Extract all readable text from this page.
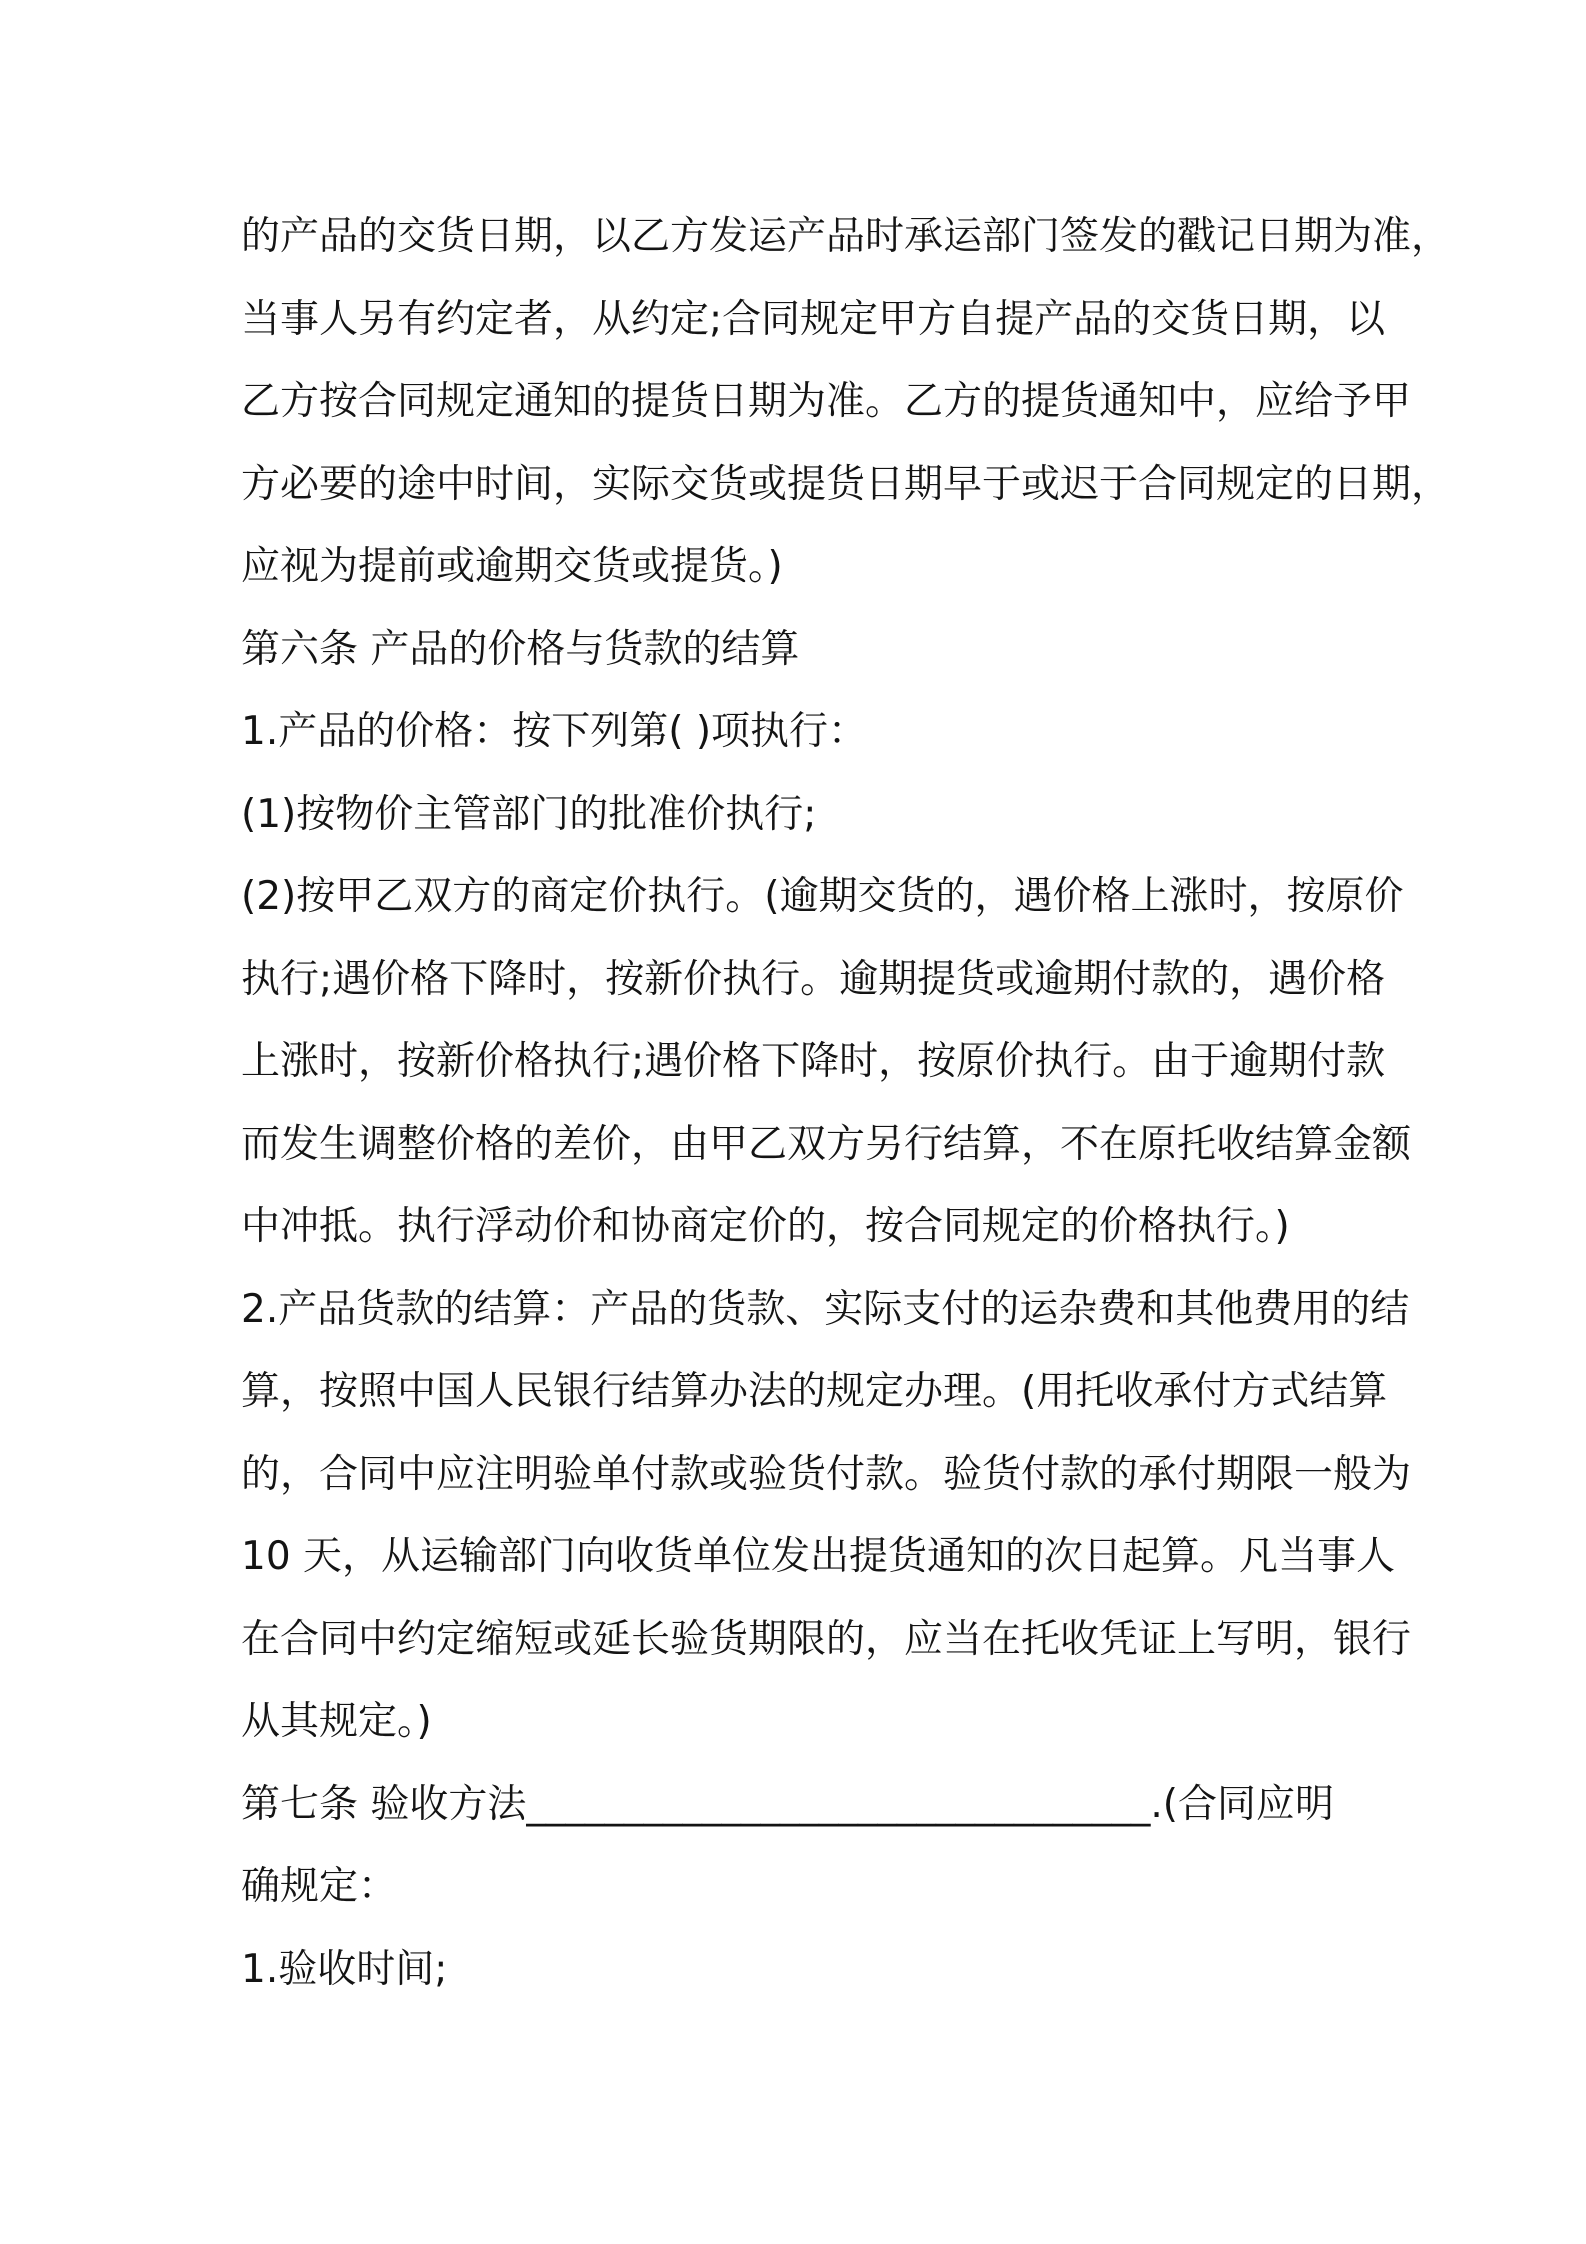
的产品的交货日期，以乙方发运产品时承运部门签发的戳记日期为准，
当事人另有约定者，从约定;合同规定甲方自提产品的交货日期，以
乙方按合同规定通知的提货日期为准。乙方的提货通知中，应给予甲
方必要的途中时间，实际交货或提货日期早于或迟于合同规定的日期，
应视为提前或逾期交货或提货。)
第六条 产品的价格与货款的结算
1.产品的价格：按下列第( )项执行：
(1)按物价主管部门的批准价执行;
(2)按甲乙双方的商定价执行。(逾期交货的，遇价格上涨时，按原价
执行;遇价格下降时，按新价执行。逾期提货或逾期付款的，遇价格
上涨时，按新价格执行;遇价格下降时，按原价执行。由于逾期付款
而发生调整价格的差价，由甲乙双方另行结算，不在原托收结算金额
中冲抵。执行浮动价和协商定价的，按合同规定的价格执行。)
2.产品货款的结算：产品的货款、实际支付的运杂费和其他费用的结
算，按照中国人民银行结算办法的规定办理。(用托收承付方式结算
的，合同中应注明验单付款或验货付款。验货付款的承付期限一般为
10 天，从运输部门向收货单位发出提货通知的次日起算。凡当事人
在合同中约定缩短或延长验货期限的，应当在托收凭证上写明，银行
从其规定。)
第七条 验收方法________________________________.(合同应明
确规定：
1.验收时间;
